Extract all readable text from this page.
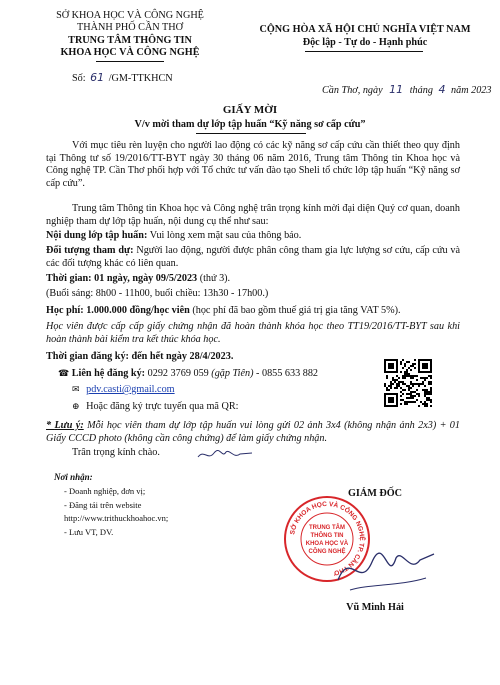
SỞ KHOA HỌC VÀ CÔNG NGHỆ
THÀNH PHỐ CẦN THƠ
TRUNG TÂM THÔNG TIN
KHOA HỌC VÀ CÔNG NGHỆ
Số: 61 /GM-TTKHCN
CỘNG HÒA XÃ HỘI CHỦ NGHĨA VIỆT NAM
Độc lập - Tự do - Hạnh phúc
Cần Thơ, ngày 11 tháng 4 năm 2023
GIẤY MỜI
V/v mời tham dự lớp tập huấn “Kỹ năng sơ cấp cứu”
Với mục tiêu rèn luyện cho người lao động có các kỹ năng sơ cấp cứu cần thiết theo quy định tại Thông tư số 19/2016/TT-BYT ngày 30 tháng 06 năm 2016, Trung tâm Thông tin Khoa học và Công nghệ TP. Cần Thơ phối hợp với Tổ chức tư vấn đào tạo Sheli tổ chức lớp tập huấn “Kỹ năng sơ cấp cứu”.
Trung tâm Thông tin Khoa học và Công nghệ trân trọng kính mời đại diện Quý cơ quan, doanh nghiệp tham dự lớp tập huấn, nội dung cụ thể như sau:
Nội dung lớp tập huấn: Vui lòng xem mặt sau của thông báo.
Đối tượng tham dự: Người lao động, người được phân công tham gia lực lượng sơ cứu, cấp cứu và các đối tượng khác có liên quan.
Thời gian: 01 ngày, ngày 09/5/2023 (thứ 3).
(Buổi sáng: 8h00 - 11h00, buổi chiều: 13h30 - 17h00.)
Học phí: 1.000.000 đồng/học viên (học phí đã bao gồm thuế giá trị gia tăng VAT 5%).
Học viên được cấp cấp giấy chứng nhận đã hoàn thành khóa học theo TT19/2016/TT-BYT sau khi hoàn thành bài kiểm tra kết thúc khóa học.
Thời gian đăng ký: đến hết ngày 28/4/2023.
☎ Liên hệ đăng ký: 0292 3769 059 (gặp Tiên) - 0855 633 882
✉ pdv.casti@gmail.com
⊕ Hoặc đăng ký trực tuyến qua mã QR:
* Lưu ý: Mỗi học viên tham dự lớp tập huấn vui lòng gửi 02 ảnh 3x4 (không nhận ảnh 2x3) + 01 Giấy CCCD photo (không cần công chứng) để làm giấy chứng nhận.
Trân trọng kính chào.
Nơi nhận:
- Doanh nghiệp, đơn vị;
- Đăng tải trên website
http://www.trithuckhoahoc.vn;
- Lưu VT, DV.
GIÁM ĐỐC
SỞ KHOA HỌC VÀ CÔNG NGHỆ TP. CẦN THƠ
TRUNG TÂM
THÔNG TIN
KHOA HỌC VÀ
CÔNG NGHỆ
Vũ Minh Hải
